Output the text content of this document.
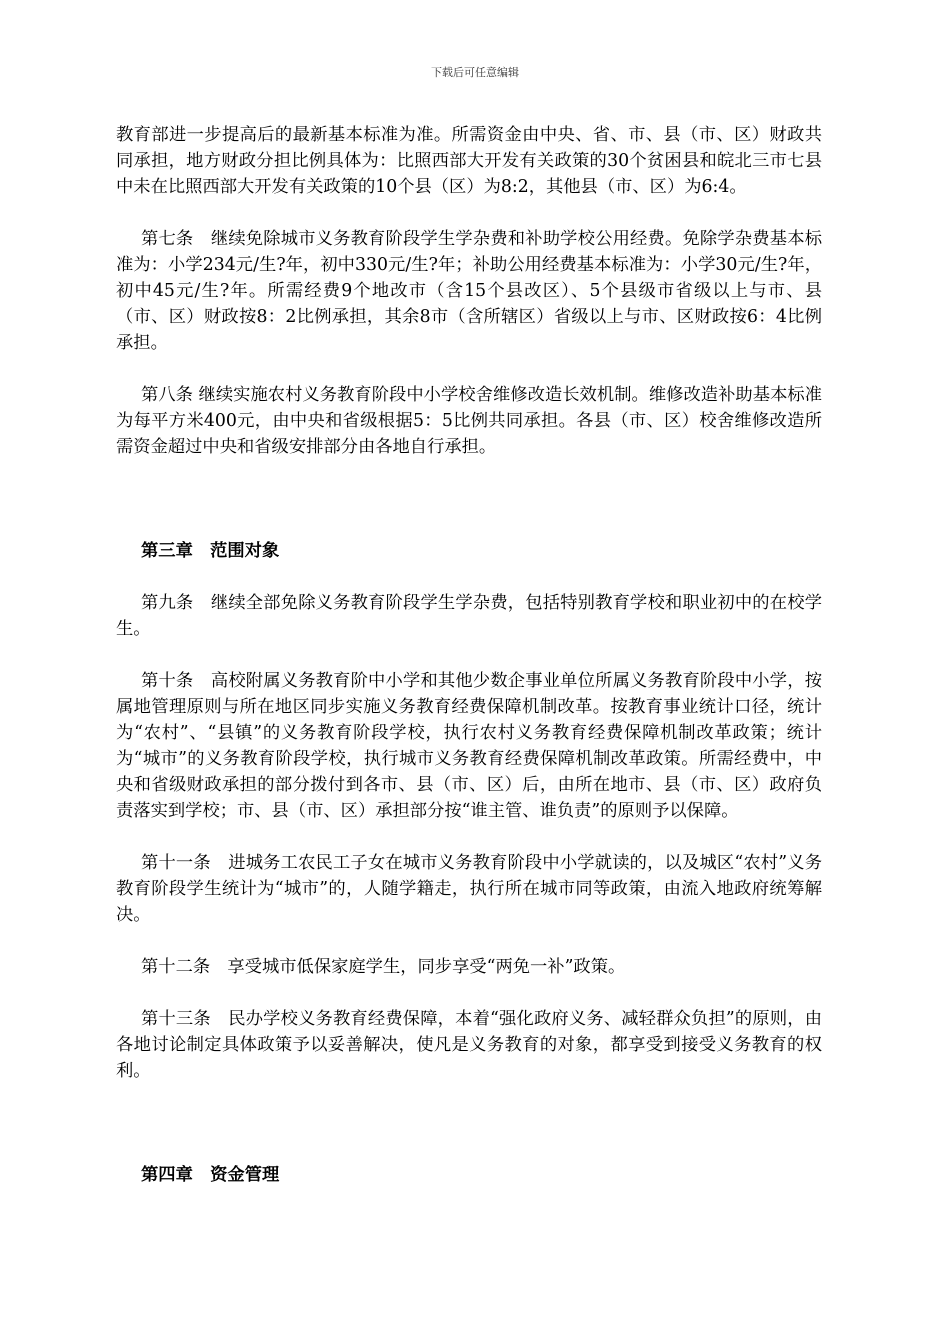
下载后可任意编辑

教育部进一步提高后的最新基本标准为准。所需资金由中央、省、市、县（市、区）财政共同承担，地方财政分担比例具体为：比照西部大开发有关政策的30个贫困县和皖北三市七县中未在比照西部大开发有关政策的10个县（区）为8:2，其他县（市、区）为6:4。

第七条　继续免除城市义务教育阶段学生学杂费和补助学校公用经费。免除学杂费基本标准为：小学234元/生?年，初中330元/生?年；补助公用经费基本标准为：小学30元/生?年，初中45元/生?年。所需经费9个地改市（含15个县改区）、5个县级市省级以上与市、县（市、区）财政按8：2比例承担，其余8市（含所辖区）省级以上与市、区财政按6：4比例承担。

第八条 继续实施农村义务教育阶段中小学校舍维修改造长效机制。维修改造补助基本标准为每平方米400元，由中央和省级根据5：5比例共同承担。各县（市、区）校舍维修改造所需资金超过中央和省级安排部分由各地自行承担。

第三章　范围对象

第九条　继续全部免除义务教育阶段学生学杂费，包括特别教育学校和职业初中的在校学生。

第十条　高校附属义务教育阶中小学和其他少数企事业单位所属义务教育阶段中小学，按属地管理原则与所在地区同步实施义务教育经费保障机制改革。按教育事业统计口径，统计为“农村”、“县镇”的义务教育阶段学校，执行农村义务教育经费保障机制改革政策；统计为“城市”的义务教育阶段学校，执行城市义务教育经费保障机制改革政策。所需经费中，中央和省级财政承担的部分拨付到各市、县（市、区）后，由所在地市、县（市、区）政府负责落实到学校；市、县（市、区）承担部分按“谁主管、谁负责”的原则予以保障。

第十一条　进城务工农民工子女在城市义务教育阶段中小学就读的，以及城区“农村”义务教育阶段学生统计为“城市”的，人随学籍走，执行所在城市同等政策，由流入地政府统筹解决。

第十二条　享受城市低保家庭学生，同步享受“两免一补”政策。

第十三条　民办学校义务教育经费保障，本着“强化政府义务、减轻群众负担”的原则，由各地讨论制定具体政策予以妥善解决，使凡是义务教育的对象，都享受到接受义务教育的权利。

第四章　资金管理
